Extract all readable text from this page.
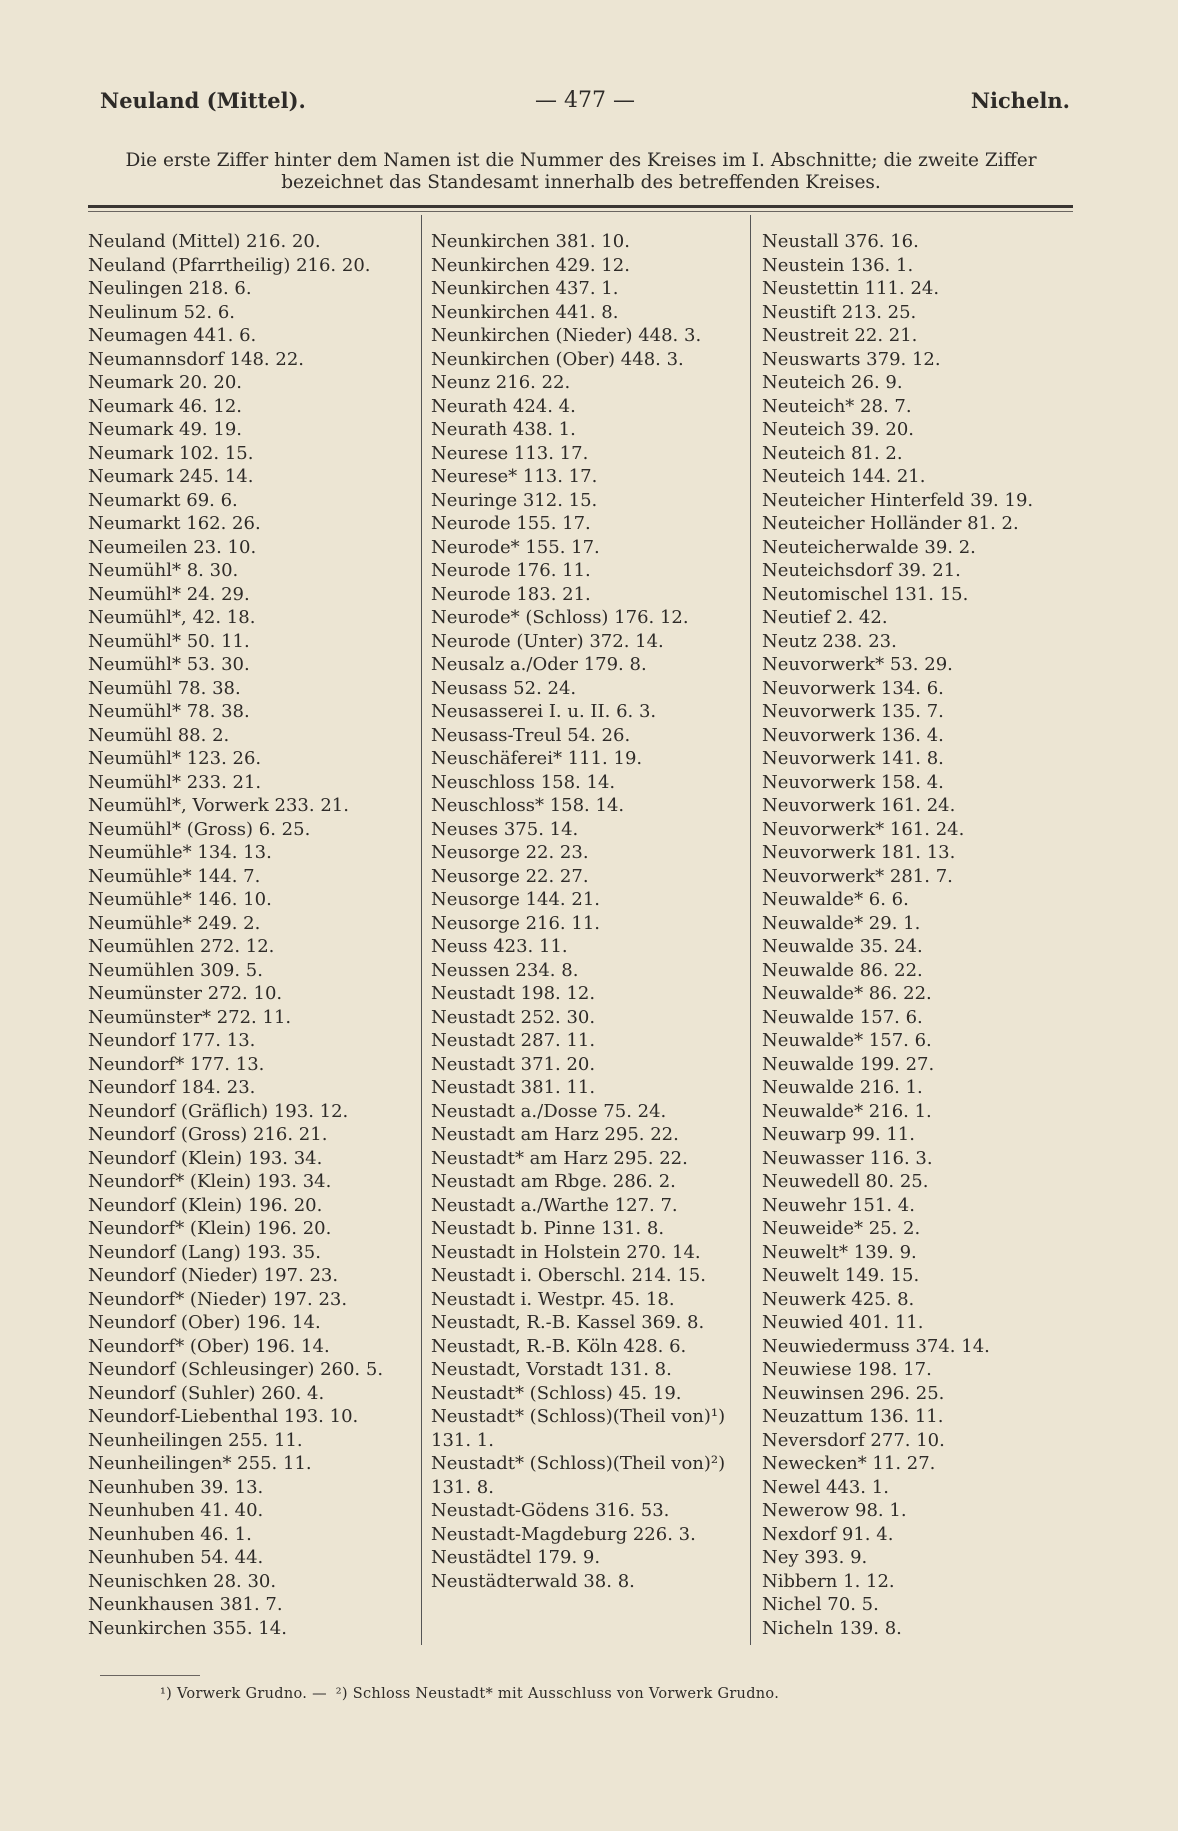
Neuland (Mittel).	— 477 —	Nicheln.
Die erste Ziffer hinter dem Namen ist die Nummer des Kreises im I. Abschnitte; die zweite Ziffer bezeichnet das Standesamt innerhalb des betreffenden Kreises.
Neuland (Mittel) 216. 20.
Neuland (Pfarrtheilig) 216. 20.
Neulingen 218. 6.
Neulinum 52. 6.
Neumagen 441. 6.
Neumannsdorf 148. 22.
Neumark 20. 20.
Neumark 46. 12.
Neumark 49. 19.
Neumark 102. 15.
Neumark 245. 14.
Neumarkt 69. 6.
Neumarkt 162. 26.
Neumeilen 23. 10.
Neumühl* 8. 30.
Neumühl* 24. 29.
Neumühl*, 42. 18.
Neumühl* 50. 11.
Neumühl* 53. 30.
Neumühl 78. 38.
Neumühl* 78. 38.
Neumühl 88. 2.
Neumühl* 123. 26.
Neumühl* 233. 21.
Neumühl*, Vorwerk 233. 21.
Neumühl* (Gross) 6. 25.
Neumühle* 134. 13.
Neumühle* 144. 7.
Neumühle* 146. 10.
Neumühle* 249. 2.
Neumühlen 272. 12.
Neumühlen 309. 5.
Neumünster 272. 10.
Neumünster* 272. 11.
Neundorf 177. 13.
Neundorf* 177. 13.
Neundorf 184. 23.
Neundorf (Gräflich) 193. 12.
Neundorf (Gross) 216. 21.
Neundorf (Klein) 193. 34.
Neundorf* (Klein) 193. 34.
Neundorf (Klein) 196. 20.
Neundorf* (Klein) 196. 20.
Neundorf (Lang) 193. 35.
Neundorf (Nieder) 197. 23.
Neundorf* (Nieder) 197. 23.
Neundorf (Ober) 196. 14.
Neundorf* (Ober) 196. 14.
Neundorf (Schleusinger) 260. 5.
Neundorf (Suhler) 260. 4.
Neundorf-Liebenthal 193. 10.
Neunheilingen 255. 11.
Neunheilingen* 255. 11.
Neunhuben 39. 13.
Neunhuben 41. 40.
Neunhuben 46. 1.
Neunhuben 54. 44.
Neunischken 28. 30.
Neunkhausen 381. 7.
Neunkirchen 355. 14.
Neunkirchen 381. 10.
Neunkirchen 429. 12.
Neunkirchen 437. 1.
Neunkirchen 441. 8.
Neunkirchen (Nieder) 448. 3.
Neunkirchen (Ober) 448. 3.
Neunz 216. 22.
Neurath 424. 4.
Neurath 438. 1.
Neurese 113. 17.
Neurese* 113. 17.
Neuringe 312. 15.
Neurode 155. 17.
Neurode* 155. 17.
Neurode 176. 11.
Neurode 183. 21.
Neurode* (Schloss) 176. 12.
Neurode (Unter) 372. 14.
Neusalz a./Oder 179. 8.
Neusass 52. 24.
Neusasserei I. u. II. 6. 3.
Neusass-Treul 54. 26.
Neuschäferei* 111. 19.
Neuschloss 158. 14.
Neuschloss* 158. 14.
Neuses 375. 14.
Neusorge 22. 23.
Neusorge 22. 27.
Neusorge 144. 21.
Neusorge 216. 11.
Neuss 423. 11.
Neussen 234. 8.
Neustadt 198. 12.
Neustadt 252. 30.
Neustadt 287. 11.
Neustadt 371. 20.
Neustadt 381. 11.
Neustadt a./Dosse 75. 24.
Neustadt am Harz 295. 22.
Neustadt* am Harz 295. 22.
Neustadt am Rbge. 286. 2.
Neustadt a./Warthe 127. 7.
Neustadt b. Pinne 131. 8.
Neustadt in Holstein 270. 14.
Neustadt i. Oberschl. 214. 15.
Neustadt i. Westpr. 45. 18.
Neustadt, R.-B. Kassel 369. 8.
Neustadt, R.-B. Köln 428. 6.
Neustadt, Vorstadt 131. 8.
Neustadt* (Schloss) 45. 19.
Neustadt* (Schloss)(Theil von)¹) 131. 1.
Neustadt* (Schloss)(Theil von)²) 131. 8.
Neustadt-Gödens 316. 53.
Neustadt-Magdeburg 226. 3.
Neustädtel 179. 9.
Neustädterwald 38. 8.
Neustall 376. 16.
Neustein 136. 1.
Neustettin 111. 24.
Neustift 213. 25.
Neustreit 22. 21.
Neuswarts 379. 12.
Neuteich 26. 9.
Neuteich* 28. 7.
Neuteich 39. 20.
Neuteich 81. 2.
Neuteich 144. 21.
Neuteicher Hinterfeld 39. 19.
Neuteicher Holländer 81. 2.
Neuteicherwalde 39. 2.
Neuteichsdorf 39. 21.
Neutomischel 131. 15.
Neutief 2. 42.
Neutz 238. 23.
Neuvorwerk* 53. 29.
Neuvorwerk 134. 6.
Neuvorwerk 135. 7.
Neuvorwerk 136. 4.
Neuvorwerk 141. 8.
Neuvorwerk 158. 4.
Neuvorwerk 161. 24.
Neuvorwerk* 161. 24.
Neuvorwerk 181. 13.
Neuvorwerk* 281. 7.
Neuwalde* 6. 6.
Neuwalde* 29. 1.
Neuwalde 35. 24.
Neuwalde 86. 22.
Neuwalde* 86. 22.
Neuwalde 157. 6.
Neuwalde* 157. 6.
Neuwalde 199. 27.
Neuwalde 216. 1.
Neuwalde* 216. 1.
Neuwarp 99. 11.
Neuwasser 116. 3.
Neuwedell 80. 25.
Neuwehr 151. 4.
Neuweide* 25. 2.
Neuwelt* 139. 9.
Neuwelt 149. 15.
Neuwerk 425. 8.
Neuwied 401. 11.
Neuwiedermuss 374. 14.
Neuwiese 198. 17.
Neuwinsen 296. 25.
Neuzattum 136. 11.
Neversdorf 277. 10.
Newecken* 11. 27.
Newel 443. 1.
Newerow 98. 1.
Nexdorf 91. 4.
Ney 393. 9.
Nibbern 1. 12.
Nichel 70. 5.
Nicheln 139. 8.
¹) Vorwerk Grudno. — ²) Schloss Neustadt* mit Ausschluss von Vorwerk Grudno.
